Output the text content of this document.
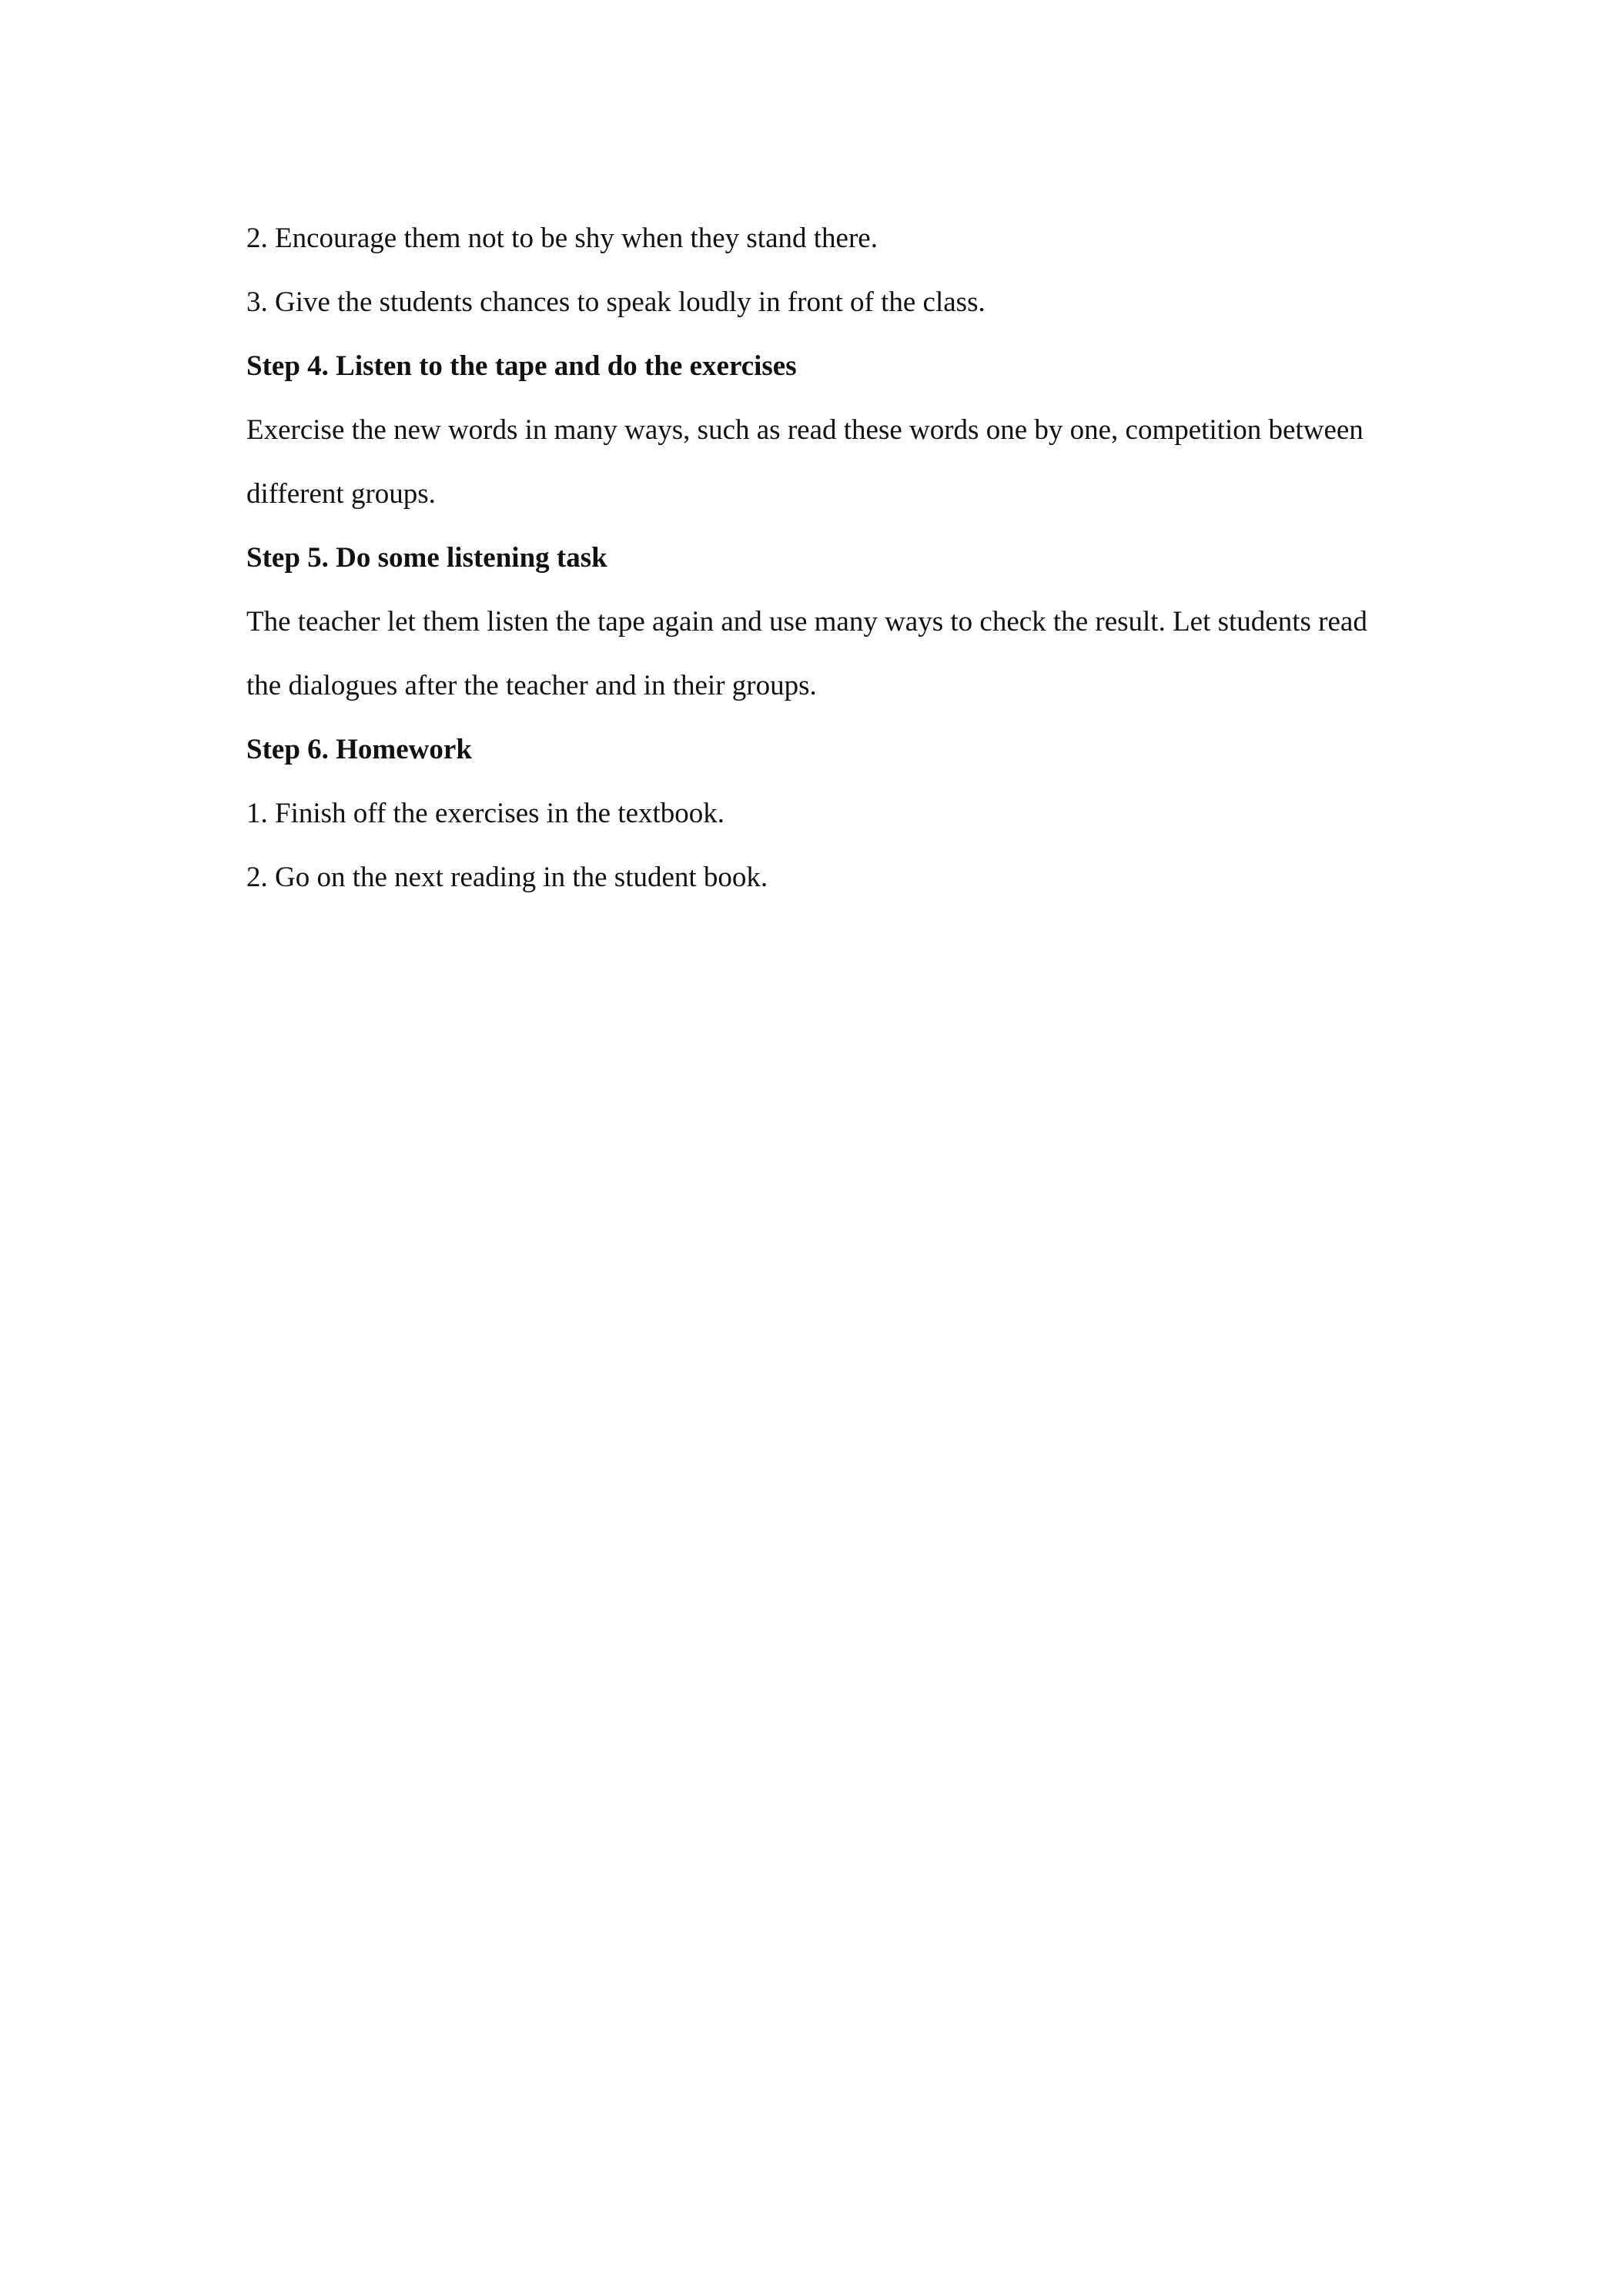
2. Encourage them not to be shy when they stand there.

3. Give the students chances to speak loudly in front of the class.

Step 4. Listen to the tape and do the exercises

Exercise the new words in many ways, such as read these words one by one, competition between

different groups.

Step 5. Do some listening task

The teacher let them listen the tape again and use many ways to check the result. Let students read

the dialogues after the teacher and in their groups.

Step 6. Homework

1. Finish off the exercises in the textbook.

2. Go on the next reading in the student book.
